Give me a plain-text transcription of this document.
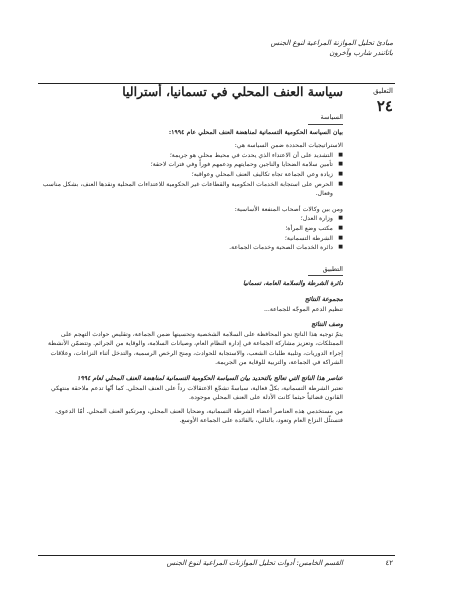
مبادئ تحليل الموازنة المراعية لنوع الجنس
باتاتندر شارب وآخرون
التعليق
٢٤
سياسة العنف المحلي في تسمانيا، أستراليا
السياسة
بيان السياسة الحكومية التسمانية لمناهضة العنف المحلي عام ١٩٩٤:
الاستراتيجيات المحددة ضمن السياسة هي:
■ التشديد على أن الاعتداء الذي يحدث في محيط محلي هو جريمة؛
■ تأمين سلامة الضحايا والناجين وحمايتهم ودعمهم فوراً وفي فترات لاحقة؛
■ زيادة وعي الجماعة تجاه تكاليف العنف المحلي وعواقبه؛
■ الحرص على استجابة الخدمات الحكومية والقطاعات غير الحكومية للاعتداءات المحلية ونقدها العنف، بشكل مناسب وفعال.
ومن بين وكالات أصحاب المنفعة الأساسية:
■ وزارة العدل؛
■ مكتب وضع المرأة؛
■ الشرطة التسمانية؛
■ دائرة الخدمات الصحية وخدمات الجماعة.
التطبيق
دائرة الشرطة والسلامة العامة، تسمانيا
مجموعة النتائج
تنظيم الدعم الموجّه للجماعة...
وصف النتائج
يتمّ توجيه هذا الناتج نحو المحافظة على السلامة الشخصية وتحسينها ضمن الجماعة، وتقليص حوادث التهجم على الممتلكات، وتعزيز مشاركة الجماعة في إدارة النظام العام، وصيانات السلامة، والوقاية من الجرائم. وتتضمّن الأنشطة إجراء الدوريات، وتلبية طلبات الشعب، والاستجابة للحوادث، ومنح الرخص الرسمية، والتدخل أثناء النزاعات، وعلاقات الشراكة في الجماعة، والتربية للوقاية من الجريمة.
عناصر هذا الناتج التي تعالج بالتحديد بيان السياسة الحكومية التسمانية لمناهضة العنف المحلي لعام ١٩٩٤
تعتبر الشرطة التسمانية، بكلّ فعالية، سياسةً تشجّع الاعتقالات رداً على العنف المحلي. كما أنّها تدعم ملاحقة منتهكي القانون قضائياً حيثما كانت الأدلة على العنف المحلي موجودة.
من مستخدمي هذه العناصر أعضاء الشرطة التسمانية، وضحايا العنف المحلي، ومرتكبو العنف المحلي. أمّا الدعوى، فتستلّل النزاع العام وتعود، بالتالي، بالفائدة على الجماعة الأوسع.
٤٢
القسم الخامس: أدوات تحليل الموازنات المراعية لنوع الجنس
